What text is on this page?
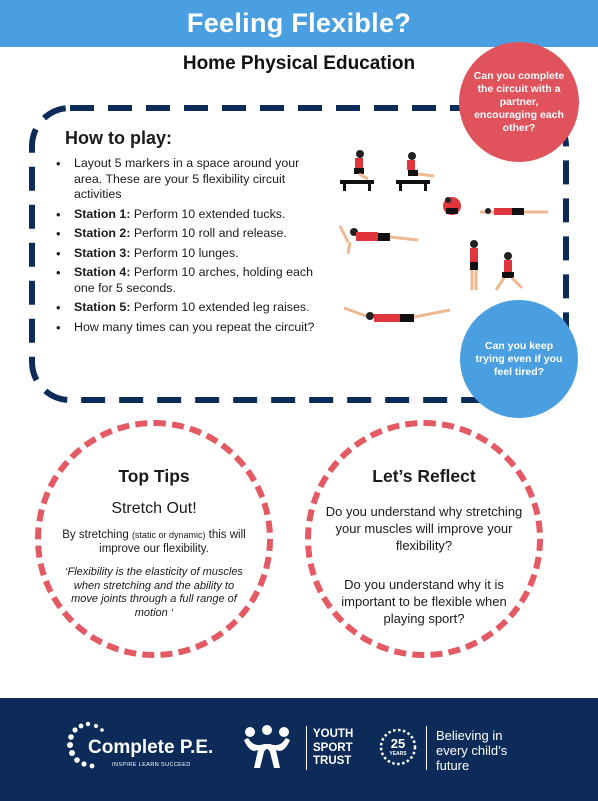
Feeling Flexible?
Home Physical Education
How to play:
• Layout 5 markers in a space around your area. These are your 5 flexibility circuit activities
• Station 1: Perform 10 extended tucks.
• Station 2: Perform 10 roll and release.
• Station 3: Perform 10 lunges.
• Station 4: Perform 10 arches, holding each one for 5 seconds.
• Station 5: Perform 10 extended leg raises.
• How many times can you repeat the circuit?
Can you complete the circuit with a partner, encouraging each other?
Can you keep trying even if you feel tired?
Top Tips
Stretch Out!
By stretching (static or dynamic) this will improve our flexibility.
‘Flexibility is the elasticity of muscles when stretching and the ability to move joints through a full range of motion ‘
Let’s Reflect
Do you understand why stretching your muscles will improve your flexibility?
Do you understand why it is important to be flexible when playing sport?
Complete P.E.
INSPIRE LEARN SUCCEED
YOUTH
SPORT
TRUST
25
YEARS
Believing in
every child’s
future
